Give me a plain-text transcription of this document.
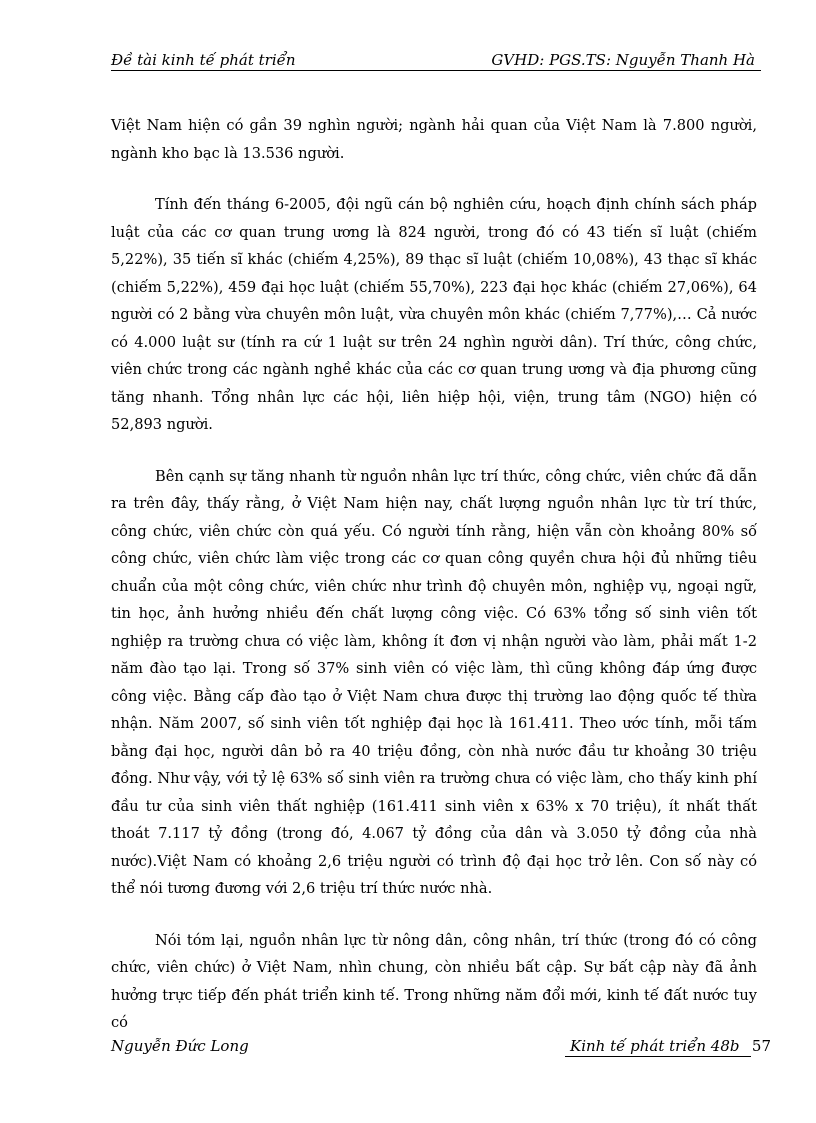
Đề tài kinh tế phát triển	GVHD: PGS.TS: Nguyễn Thanh Hà

Việt Nam hiện có gần 39 nghìn người; ngành hải quan của Việt Nam là 7.800 người, ngành kho bạc là 13.536 người.

Tính đến tháng 6-2005, đội ngũ cán bộ nghiên cứu, hoạch định chính sách pháp luật của các cơ quan trung ương là 824 người, trong đó có 43 tiến sĩ luật (chiếm 5,22%), 35 tiến sĩ khác (chiếm 4,25%), 89 thạc sĩ luật (chiếm 10,08%), 43 thạc sĩ khác (chiếm 5,22%), 459 đại học luật (chiếm 55,70%), 223 đại học khác (chiếm 27,06%), 64 người có 2 bằng vừa chuyên môn luật, vừa chuyên môn khác (chiếm 7,77%),… Cả nước có 4.000 luật sư (tính ra cứ 1 luật sư trên 24 nghìn người dân). Trí thức, công chức, viên chức trong các ngành nghề khác của các cơ quan trung ương và địa phương cũng tăng nhanh. Tổng nhân lực các hội, liên hiệp hội, viện, trung tâm (NGO) hiện có 52,893 người.

Bên cạnh sự tăng nhanh từ nguồn nhân lực trí thức, công chức, viên chức đã dẫn ra trên đây, thấy rằng, ở Việt Nam hiện nay, chất lượng nguồn nhân lực từ trí thức, công chức, viên chức còn quá yếu. Có người tính rằng, hiện vẫn còn khoảng 80% số công chức, viên chức làm việc trong các cơ quan công quyền chưa hội đủ những tiêu chuẩn của một công chức, viên chức như trình độ chuyên môn, nghiệp vụ, ngoại ngữ, tin học, ảnh hưởng nhiều đến chất lượng công việc. Có 63% tổng số sinh viên tốt nghiệp ra trường chưa có việc làm, không ít đơn vị nhận người vào làm, phải mất 1-2 năm đào tạo lại. Trong số 37% sinh viên có việc làm, thì cũng không đáp ứng được công việc. Bằng cấp đào tạo ở Việt Nam chưa được thị trường lao động quốc tế thừa nhận. Năm 2007, số sinh viên tốt nghiệp đại học là 161.411. Theo ước tính, mỗi tấm bằng đại học, người dân bỏ ra 40 triệu đồng, còn nhà nước đầu tư khoảng 30 triệu đồng. Như vậy, với tỷ lệ 63% số sinh viên ra trường chưa có việc làm, cho thấy kinh phí đầu tư của sinh viên thất nghiệp (161.411 sinh viên x 63% x 70 triệu), ít nhất thất thoát 7.117 tỷ đồng (trong đó, 4.067 tỷ đồng của dân và 3.050 tỷ đồng của nhà nước).Việt Nam có khoảng 2,6 triệu người có trình độ đại học trở lên. Con số này có thể nói tương đương với 2,6 triệu trí thức nước nhà.

Nói tóm lại, nguồn nhân lực từ nông dân, công nhân, trí thức (trong đó có công chức, viên chức) ở Việt Nam, nhìn chung, còn nhiều bất cập. Sự bất cập này đã ảnh hưởng trực tiếp đến phát triển kinh tế. Trong những năm đổi mới, kinh tế đất nước tuy có

Nguyễn Đức Long	Kinh tế phát triển 48b 57
